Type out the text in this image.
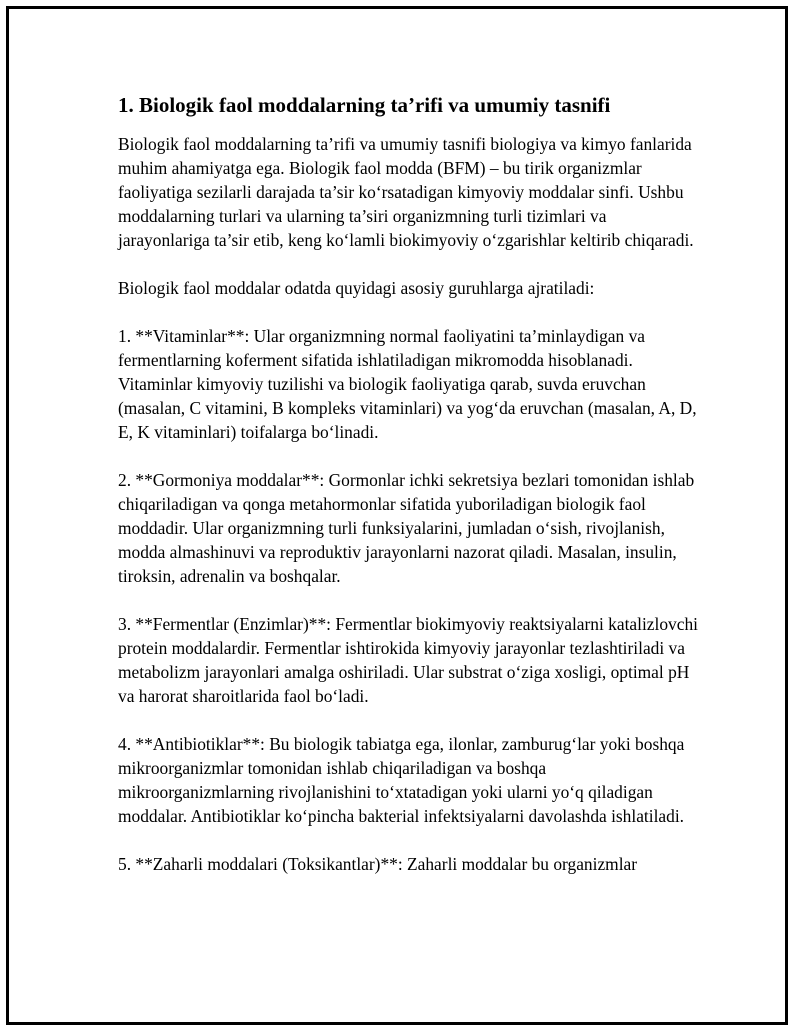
1. Biologik faol moddalarning ta’rifi va umumiy tasnifi
Biologik faol moddalarning ta’rifi va umumiy tasnifi biologiya va kimyo fanlarida muhim ahamiyatga ega. Biologik faol modda (BFM) – bu tirik organizmlar faoliyatiga sezilarli darajada ta’sir ko‘rsatadigan kimyoviy moddalar sinfi. Ushbu moddalarning turlari va ularning ta’siri organizmning turli tizimlari va jarayonlariga ta’sir etib, keng ko‘lamli biokimyoviy o‘zgarishlar keltirib chiqaradi.
Biologik faol moddalar odatda quyidagi asosiy guruhlarga ajratiladi:
1. **Vitaminlar**: Ular organizmning normal faoliyatini ta’minlaydigan va fermentlarning koferment sifatida ishlatiladigan mikromodda hisoblanadi. Vitaminlar kimyoviy tuzilishi va biologik faoliyatiga qarab, suvda eruvchan (masalan, C vitamini, B kompleks vitaminlari) va yog‘da eruvchan (masalan, A, D, E, K vitaminlari) toifalarga bo‘linadi.
2. **Gormoniya moddalar**: Gormonlar ichki sekretsiya bezlari tomonidan ishlab chiqariladigan va qonga metahormonlar sifatida yuboriladigan biologik faol moddadir. Ular organizmning turli funksiyalarini, jumladan o‘sish, rivojlanish, modda almashinuvi va reproduktiv jarayonlarni nazorat qiladi. Masalan, insulin, tiroksin, adrenalin va boshqalar.
3. **Fermentlar (Enzimlar)**: Fermentlar biokimyoviy reaktsiyalarni katalizlovchi protein moddalardir. Fermentlar ishtirokida kimyoviy jarayonlar tezlashtiriladi va metabolizm jarayonlari amalga oshiriladi. Ular substrat o‘ziga xosligi, optimal pH va harorat sharoitlarida faol bo‘ladi.
4. **Antibiotiklar**: Bu biologik tabiatga ega, ilonlar, zamburug‘lar yoki boshqa mikroorganizmlar tomonidan ishlab chiqariladigan va boshqa mikroorganizmlarning rivojlanishini to‘xtatadigan yoki ularni yo‘q qiladigan moddalar. Antibiotiklar ko‘pincha bakterial infektsiyalarni davolashda ishlatiladi.
5. **Zaharli moddalari (Toksikantlar)**: Zaharli moddalar bu organizmlar
